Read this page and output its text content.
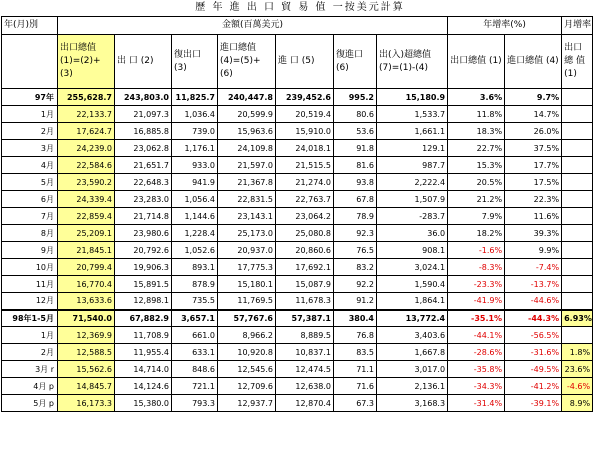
歷 年 進 出 口 貿 易 值 一按美元計算
年(月)別	金額(百萬美元)							年增率(%)		月增率
	出口總值 (1)=(2)+(3)	出 口 (2)	復出口 (3)	進口總值 (4)=(5)+(6)	進 口 (5)	復進口 (6)	出(入)超總值 (7)=(1)-(4)	出口總值 (1)	進口總值 (4)	出口總 值 (1)
97年	255,628.7	243,803.0	11,825.7	240,447.8	239,452.6	995.2	15,180.9	3.6%	9.7%	
1月	22,133.7	21,097.3	1,036.4	20,599.9	20,519.4	80.6	1,533.7	11.8%	14.7%	
2月	17,624.7	16,885.8	739.0	15,963.6	15,910.0	53.6	1,661.1	18.3%	26.0%	
3月	24,239.0	23,062.8	1,176.1	24,109.8	24,018.1	91.8	129.1	22.7%	37.5%	
4月	22,584.6	21,651.7	933.0	21,597.0	21,515.5	81.6	987.7	15.3%	17.7%	
5月	23,590.2	22,648.3	941.9	21,367.8	21,274.0	93.8	2,222.4	20.5%	17.5%	
6月	24,339.4	23,283.0	1,056.4	22,831.5	22,763.7	67.8	1,507.9	21.2%	22.3%	
7月	22,859.4	21,714.8	1,144.6	23,143.1	23,064.2	78.9	-283.7	7.9%	11.6%	
8月	25,209.1	23,980.6	1,228.4	25,173.0	25,080.8	92.3	36.0	18.2%	39.3%	
9月	21,845.1	20,792.6	1,052.6	20,937.0	20,860.6	76.5	908.1	-1.6%	9.9%	
10月	20,799.4	19,906.3	893.1	17,775.3	17,692.1	83.2	3,024.1	-8.3%	-7.4%	
11月	16,770.4	15,891.5	878.9	15,180.1	15,087.9	92.2	1,590.4	-23.3%	-13.7%	
12月	13,633.6	12,898.1	735.5	11,769.5	11,678.3	91.2	1,864.1	-41.9%	-44.6%	
98年1-5月	71,540.0	67,882.9	3,657.1	57,767.6	57,387.1	380.4	13,772.4	-35.1%	-44.3%	6.93%
1月	12,369.9	11,708.9	661.0	8,966.2	8,889.5	76.8	3,403.6	-44.1%	-56.5%	
2月	12,588.5	11,955.4	633.1	10,920.8	10,837.1	83.5	1,667.8	-28.6%	-31.6%	1.8%
3月 r	15,562.6	14,714.0	848.6	12,545.6	12,474.5	71.1	3,017.0	-35.8%	-49.5%	23.6%
4月 p	14,845.7	14,124.6	721.1	12,709.6	12,638.0	71.6	2,136.1	-34.3%	-41.2%	-4.6%
5月 p	16,173.3	15,380.0	793.3	12,937.7	12,870.4	67.3	3,168.3	-31.4%	-39.1%	8.9%
